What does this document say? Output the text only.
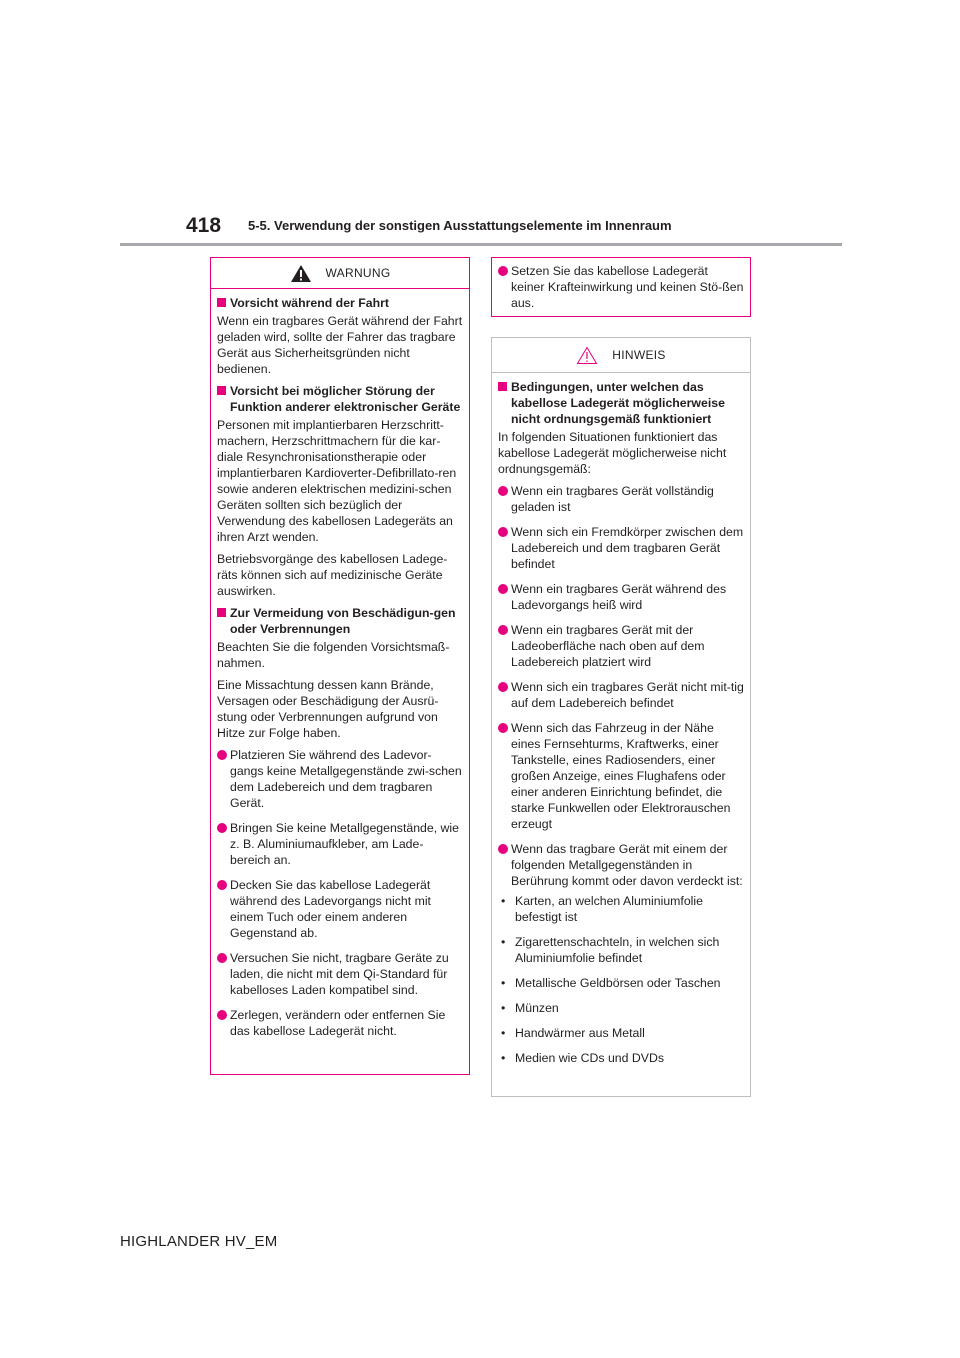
418 5-5. Verwendung der sonstigen Ausstattungselemente im Innenraum
WARNUNG
Vorsicht während der Fahrt
Wenn ein tragbares Gerät während der Fahrt geladen wird, sollte der Fahrer das tragbare Gerät aus Sicherheitsgründen nicht bedienen.
Vorsicht bei möglicher Störung der Funktion anderer elektronischer Geräte
Personen mit implantierbaren Herzschritt-machern, Herzschrittmachern für die kar-diale Resynchronisationstherapie oder implantierbaren Kardioverter-Defibrillato-ren sowie anderen elektrischen medizini-schen Geräten sollten sich bezüglich der Verwendung des kabellosen Ladegeräts an ihren Arzt wenden.
Betriebsvorgänge des kabellosen Ladege-räts können sich auf medizinische Geräte auswirken.
Zur Vermeidung von Beschädigun-gen oder Verbrennungen
Beachten Sie die folgenden Vorsichtsmaß-nahmen.
Eine Missachtung dessen kann Brände, Versagen oder Beschädigung der Ausrü-stung oder Verbrennungen aufgrund von Hitze zur Folge haben.
Platzieren Sie während des Ladevor-gangs keine Metallgegenstände zwi-schen dem Ladebereich und dem tragbaren Gerät.
Bringen Sie keine Metallgegenstände, wie z. B. Aluminiumaufkleber, am Lade-bereich an.
Decken Sie das kabellose Ladegerät während des Ladevorgangs nicht mit einem Tuch oder einem anderen Gegenstand ab.
Versuchen Sie nicht, tragbare Geräte zu laden, die nicht mit dem Qi-Standard für kabelloses Laden kompatibel sind.
Zerlegen, verändern oder entfernen Sie das kabellose Ladegerät nicht.
Setzen Sie das kabellose Ladegerät keiner Krafteinwirkung und keinen Stö-ßen aus.
HINWEIS
Bedingungen, unter welchen das kabellose Ladegerät möglicherweise nicht ordnungsgemäß funktioniert
In folgenden Situationen funktioniert das kabellose Ladegerät möglicherweise nicht ordnungsgemäß:
Wenn ein tragbares Gerät vollständig geladen ist
Wenn sich ein Fremdkörper zwischen dem Ladebereich und dem tragbaren Gerät befindet
Wenn ein tragbares Gerät während des Ladevorgangs heiß wird
Wenn ein tragbares Gerät mit der Ladeoberfläche nach oben auf dem Ladebereich platziert wird
Wenn sich ein tragbares Gerät nicht mit-tig auf dem Ladebereich befindet
Wenn sich das Fahrzeug in der Nähe eines Fernsehturms, Kraftwerks, einer Tankstelle, eines Radiosenders, einer großen Anzeige, eines Flughafens oder einer anderen Einrichtung befindet, die starke Funkwellen oder Elektrorauschen erzeugt
Wenn das tragbare Gerät mit einem der folgenden Metallgegenständen in Berührung kommt oder davon verdeckt ist:
• Karten, an welchen Aluminiumfolie befestigt ist
• Zigarettenschachteln, in welchen sich Aluminiumfolie befindet
• Metallische Geldbörsen oder Taschen
• Münzen
• Handwärmer aus Metall
• Medien wie CDs und DVDs
HIGHLANDER HV_EM
